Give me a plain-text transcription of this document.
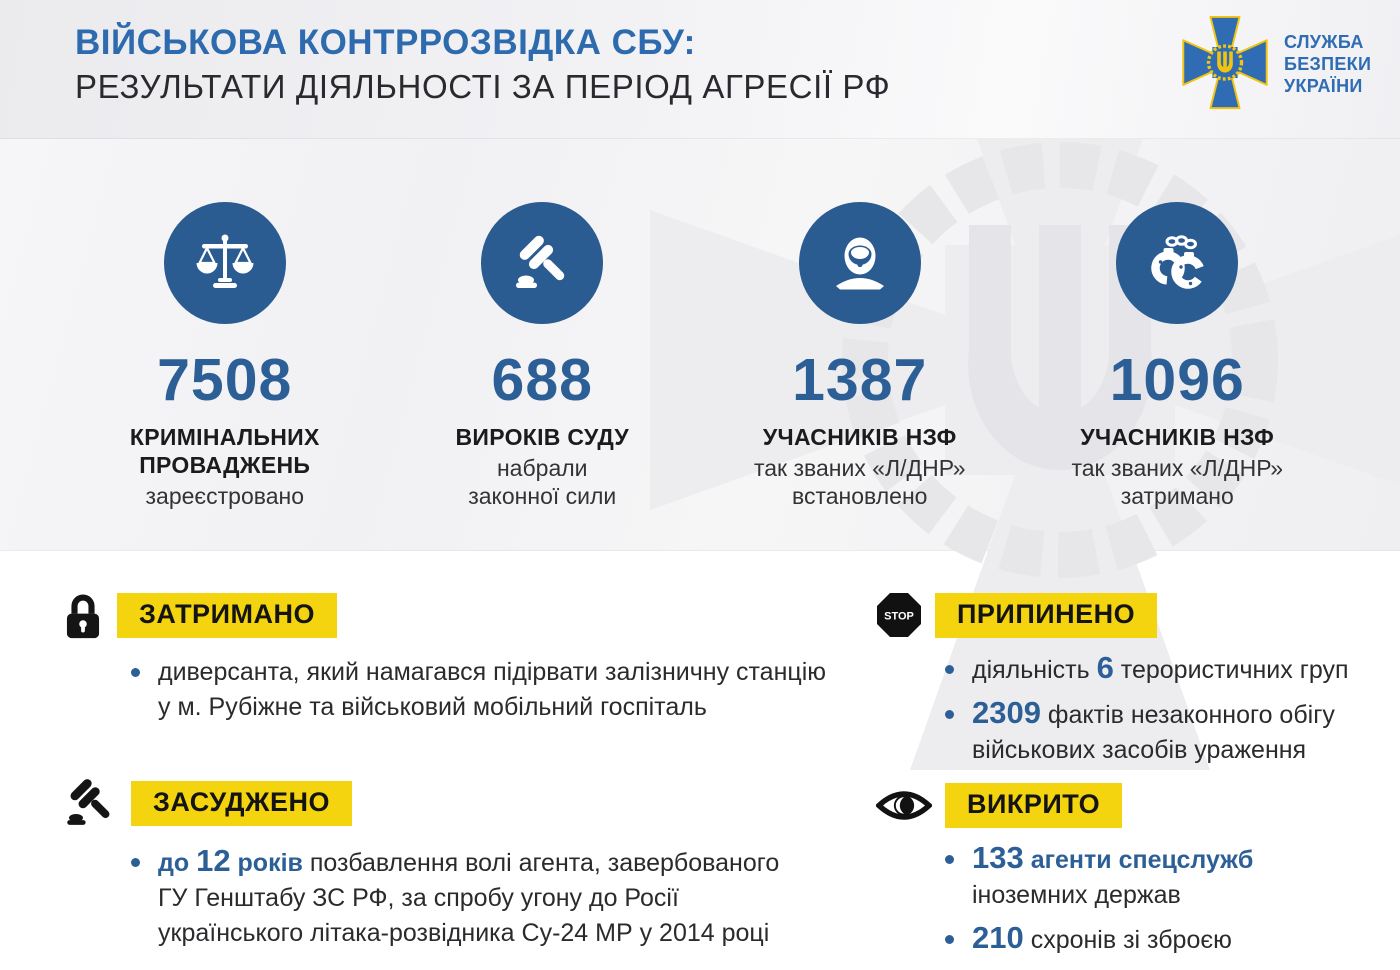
ВІЙСЬКОВА КОНТРРОЗВІДКА СБУ:
РЕЗУЛЬТАТИ ДІЯЛЬНОСТІ ЗА ПЕРІОД АГРЕСІЇ РФ
СЛУЖБА
БЕЗПЕКИ
УКРАЇНИ
7508
КРИМІНАЛЬНИХ
ПРОВАДЖЕНЬ
зареєстровано
688
ВИРОКІВ СУДУ
набрали
законної сили
1387
УЧАСНИКІВ НЗФ
так званих «Л/ДНР»
встановлено
1096
УЧАСНИКІВ НЗФ
так званих «Л/ДНР»
затримано
ЗАТРИМАНО
диверсанта, який намагався підірвати залізничну станцію
у м. Рубіжне та військовий мобільний госпіталь
ЗАСУДЖЕНО
до 12 років позбавлення волі агента, завербованого
ГУ Генштабу ЗС РФ, за спробу угону до Росії
українського літака-розвідника Су-24 МР у 2014 році
STOP	ПРИПИНЕНО
діяльність 6 терористичних груп
2309 фактів незаконного обігу
військових засобів ураження
ВИКРИТО
133 агенти спецслужб
іноземних держав
210 схронів зі зброєю
